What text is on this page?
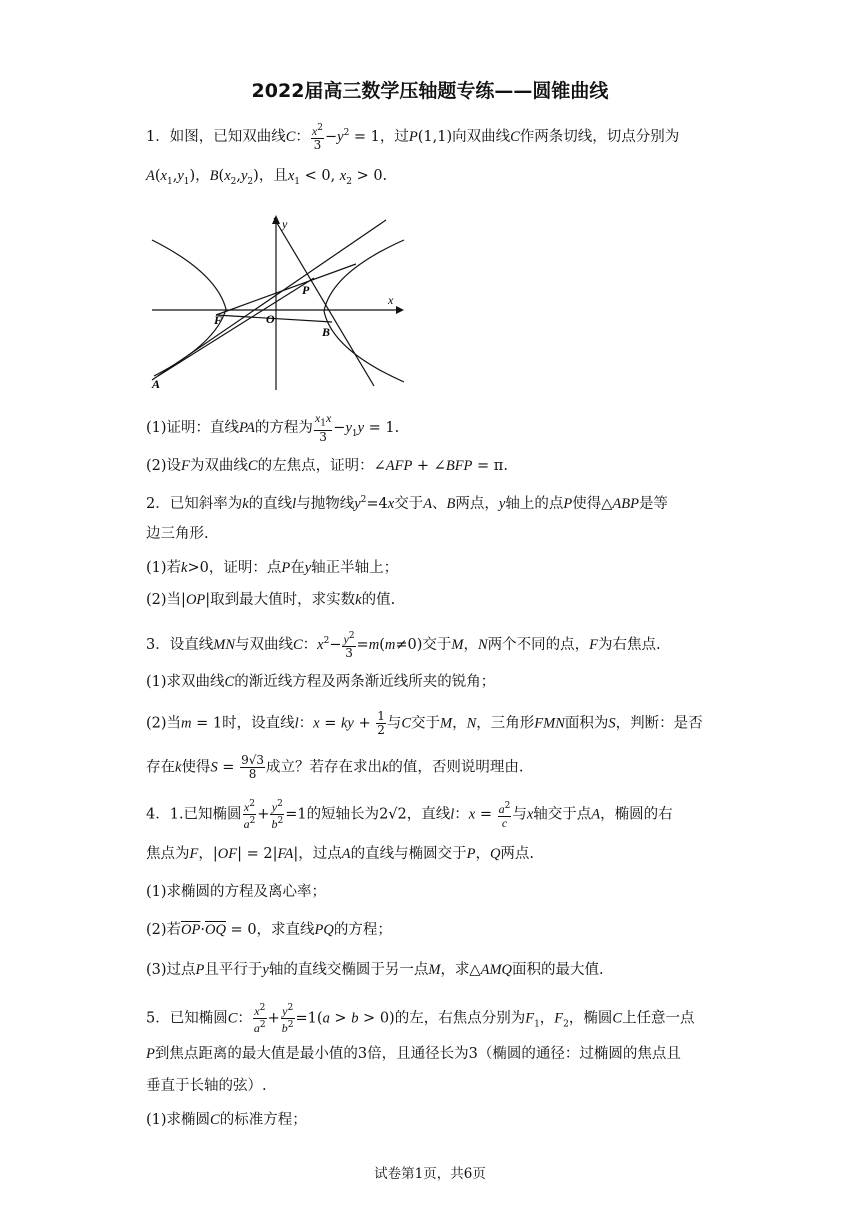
2022届高三数学压轴题专练——圆锥曲线
1．如图，已知双曲线C： $\frac{x^2}{3} -y^2 = 1$，过P(1,1)向双曲线C作两条切线，切点分别为
$A(x_1,y_1)$，$B(x_2,y_2)$，且$x_1 < 0$, $x_2 > 0$.
y
x
P
O
F
B
A
(1)证明：直线PA的方程为 $\frac{x_1x}{3} -y_1y = 1$.
(2)设F为双曲线C的左焦点，证明：∠AFP + ∠BFP = π.
2．已知斜率为k的直线l与抛物线$y^2=4x$交于A、B两点，y轴上的点P使得△ABP是等
边三角形.
(1)若k>0，证明：点P在y轴正半轴上；
(2)当|OP|取到最大值时，求实数k的值.
3．设直线MN与双曲线C：$x^2- \frac{y^2}{3} =m(m\ne 0)$交于M，N两个不同的点，F为右焦点.
(1)求双曲线C的渐近线方程及两条渐近线所夹的锐角；
(2)当m = 1时，设直线l：x = ky + $\frac{1}{2}$ 与C交于M，N，三角形FMN面积为S，判断：是否
存在k使得$S = \frac{9√3}{8}$ 成立？若存在求出k的值，否则说明理由.
4．1.已知椭圆 $\frac{x^2}{a^2} + \frac{y^2}{b^2} =1$的短轴长为2√2，直线l：$x = \frac{a^2}{c}$ 与x轴交于点A，椭圆的右
焦点为F，|OF| = 2|FA|，过点A的直线与椭圆交于P，Q两点.
(1)求椭圆的方程及离心率；
(2)若$\overline{OP}\cdot\overline{OQ} = 0$，求直线PQ的方程；
(3)过点P且平行于y轴的直线交椭圆于另一点M，求△AMQ面积的最大值.
5．已知椭圆C： $\frac{x^2}{a^2} + \frac{y^2}{b^2} =1(a > b > 0)$的左，右焦点分别为$F_1$，$F_2$，椭圆C上任意一点
P到焦点距离的最大值是最小值的3倍，且通径长为3（椭圆的通径：过椭圆的焦点且
垂直于长轴的弦）.
(1)求椭圆C的标准方程；
试卷第1页，共6页
